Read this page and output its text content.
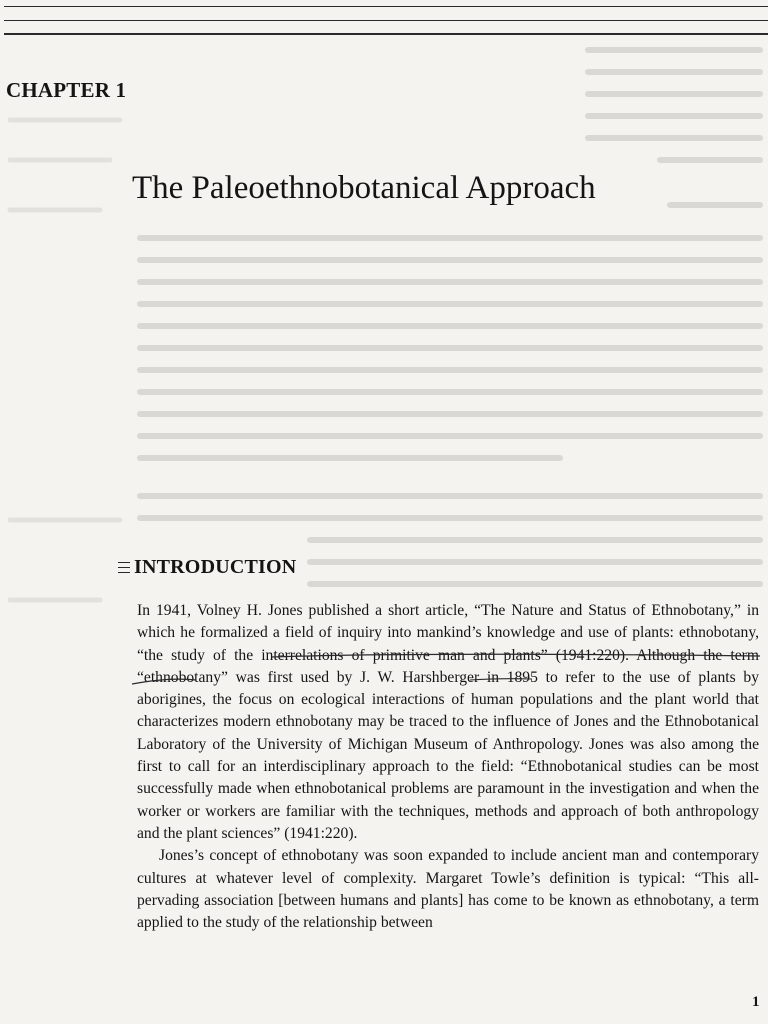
CHAPTER 1
The Paleoethnobotanical Approach
INTRODUCTION

In 1941, Volney H. Jones published a short article, “The Nature and Status of Ethnobotany,” in which he formalized a field of inquiry into mankind’s knowledge and use of plants: ethnobotany, “the study of the interrelations of primitive man and plants” (1941:220). Although the term “ethnobotany” was first used by J. W. Harshberger in 1895 to refer to the use of plants by aborigines, the focus on ecological interactions of human populations and the plant world that characterizes modern ethnobotany may be traced to the influence of Jones and the Ethnobotanical Laboratory of the University of Michigan Museum of Anthropology. Jones was also among the first to call for an interdisciplinary approach to the field: “Ethnobotanical studies can be most successfully made when ethnobotanical problems are paramount in the investigation and when the worker or workers are familiar with the techniques, methods and approach of both anthropology and the plant sciences” (1941:220).

Jones’s concept of ethnobotany was soon expanded to include ancient man and contemporary cultures at whatever level of complexity. Margaret Towle’s definition is typical: “This all-pervading association [between humans and plants] has come to be known as ethnobotany, a term applied to the study of the relationship between

1
